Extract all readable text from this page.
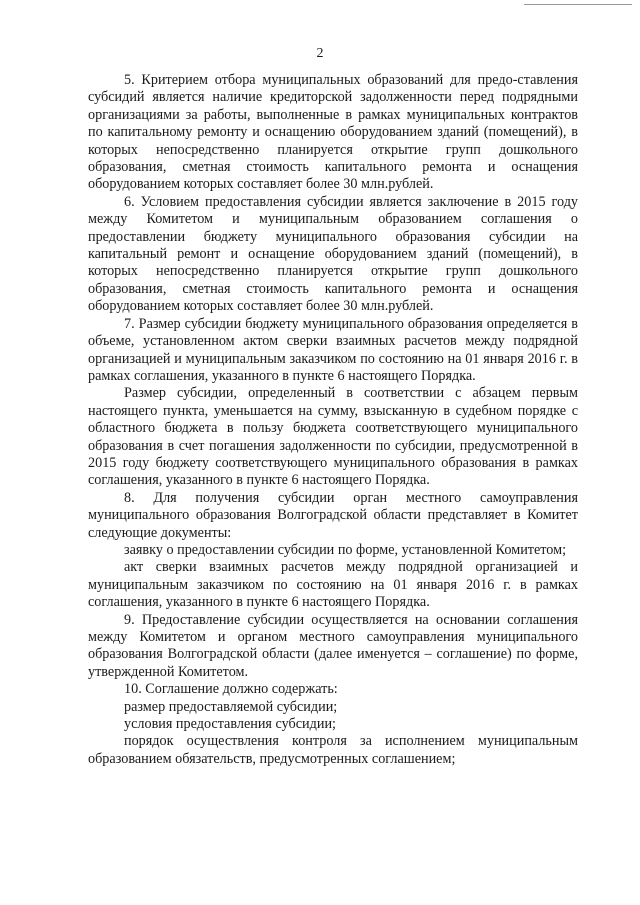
2

5. Критерием отбора муниципальных образований для предо-ставления субсидий является наличие кредиторской задолженности перед подрядными организациями за работы, выполненные в рамках муниципальных контрактов по капитальному ремонту и оснащению оборудованием зданий (помещений), в которых непосредственно планируется открытие групп дошкольного образования, сметная стоимость капитального ремонта и оснащения оборудованием которых составляет более 30 млн.рублей.

6. Условием предоставления субсидии является заключение в 2015 году между Комитетом и муниципальным образованием соглашения о предоставлении бюджету муниципального образования субсидии на капитальный ремонт и оснащение оборудованием зданий (помещений), в которых непосредственно планируется открытие групп дошкольного образования, сметная стоимость капитального ремонта и оснащения оборудованием которых составляет более 30 млн.рублей.

7. Размер субсидии бюджету муниципального образования определяется в объеме, установленном актом сверки взаимных расчетов между подрядной организацией и муниципальным заказчиком по состоянию на 01 января 2016 г. в рамках соглашения, указанного в пункте 6 настоящего Порядка.

Размер субсидии, определенный в соответствии с абзацем первым настоящего пункта, уменьшается на сумму, взысканную в судебном порядке с областного бюджета в пользу бюджета соответствующего муниципального образования в счет погашения задолженности по субсидии, предусмотренной в 2015 году бюджету соответствующего муниципального образования в рамках соглашения, указанного в пункте 6 настоящего Порядка.

8. Для получения субсидии орган местного самоуправления муниципального образования Волгоградской области представляет в Комитет следующие документы:

заявку о предоставлении субсидии по форме, установленной Комитетом;

акт сверки взаимных расчетов между подрядной организацией и муниципальным заказчиком по состоянию на 01 января 2016 г. в рамках соглашения, указанного в пункте 6 настоящего Порядка.

9. Предоставление субсидии осуществляется на основании соглашения между Комитетом и органом местного самоуправления муниципального образования Волгоградской области (далее именуется – соглашение) по форме, утвержденной Комитетом.

10. Соглашение должно содержать:

размер предоставляемой субсидии;

условия предоставления субсидии;

порядок осуществления контроля за исполнением муниципальным образованием обязательств, предусмотренных соглашением;
